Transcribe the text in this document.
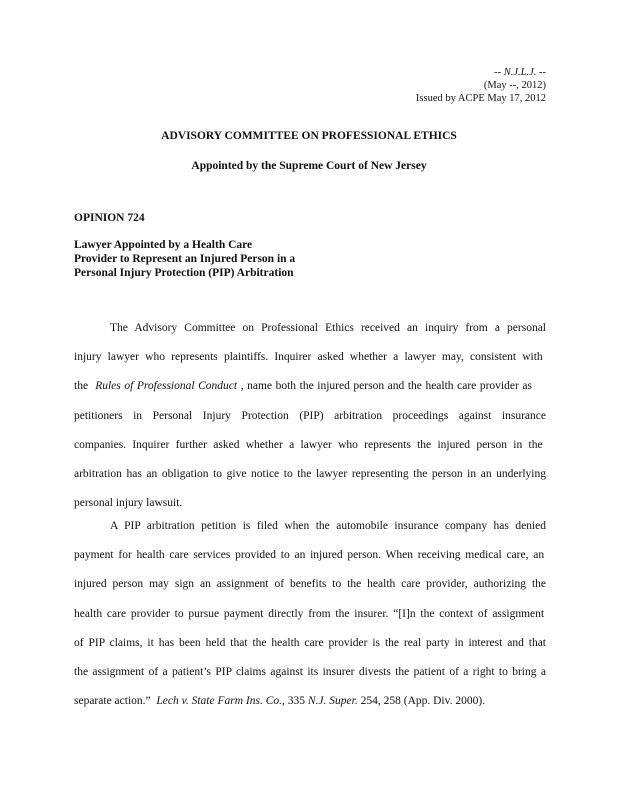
-- N.J.L.J. --
(May --, 2012)
Issued by ACPE May 17, 2012
ADVISORY COMMITTEE ON PROFESSIONAL ETHICS
Appointed by the Supreme Court of New Jersey
OPINION 724
Lawyer Appointed by a Health Care
Provider to Represent an Injured Person in a
Personal Injury Protection (PIP) Arbitration
The Advisory Committee on Professional Ethics received an inquiry from a personal
injury lawyer who represents plaintiffs. Inquirer asked whether a lawyer may, consistent with
the  Rules of Professional Conduct , name both the injured person and the health care provider as
petitioners in Personal Injury Protection (PIP) arbitration proceedings against insurance
companies. Inquirer further asked whether a lawyer who represents the injured person in the
arbitration has an obligation to give notice to the lawyer representing the person in an underlying
personal injury lawsuit.
A PIP arbitration petition is filed when the automobile insurance company has denied
payment for health care services provided to an injured person. When receiving medical care, an
injured person may sign an assignment of benefits to the health care provider, authorizing the
health care provider to pursue payment directly from the insurer. “[I]n the context of assignment
of PIP claims, it has been held that the health care provider is the real party in interest and that
the assignment of a patient’s PIP claims against its insurer divests the patient of a right to bring a
separate action.” Lech v. State Farm Ins. Co. , 335 N.J. Super. 254, 258 (App. Div. 2000).
